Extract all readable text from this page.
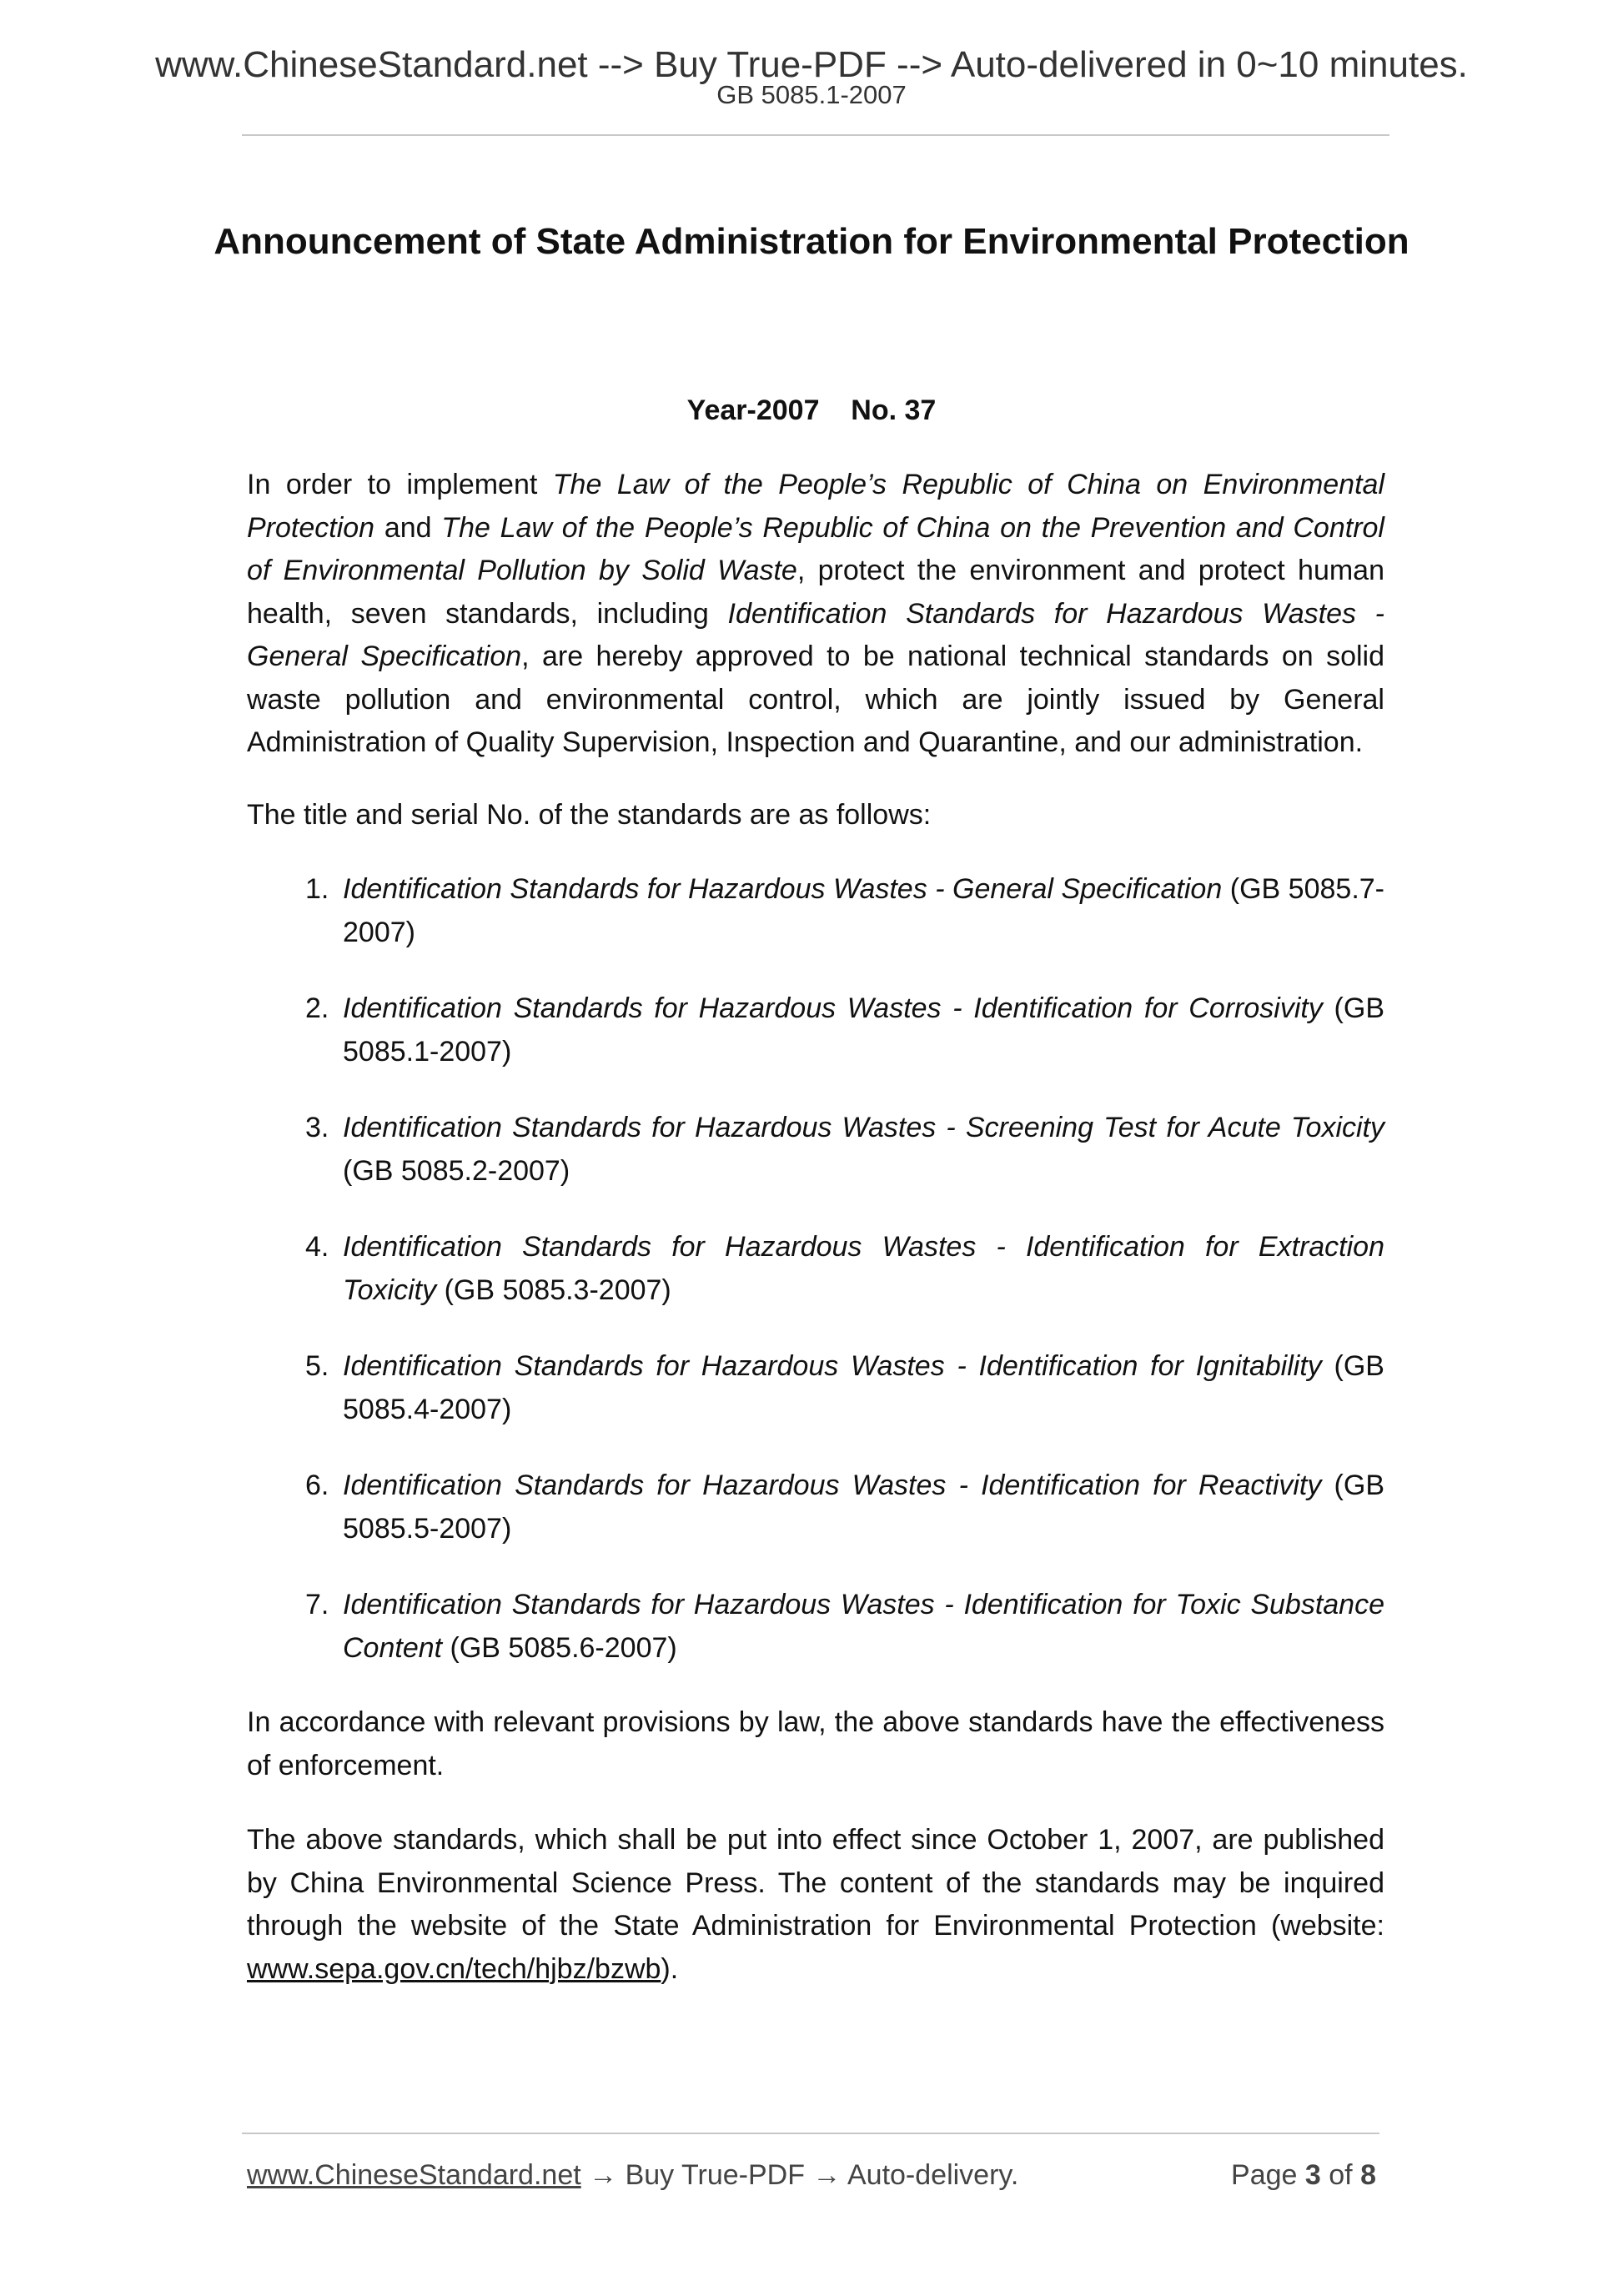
www.ChineseStandard.net --> Buy True-PDF --> Auto-delivered in 0~10 minutes.
GB 5085.1-2007
Announcement of State Administration for Environmental Protection
Year-2007 No. 37

In order to implement The Law of the People’s Republic of China on Environmental Protection and The Law of the People’s Republic of China on the Prevention and Control of Environmental Pollution by Solid Waste, protect the environment and protect human health, seven standards, including Identification Standards for Hazardous Wastes - General Specification, are hereby approved to be national technical standards on solid waste pollution and environmental control, which are jointly issued by General Administration of Quality Supervision, Inspection and Quarantine, and our administration.

The title and serial No. of the standards are as follows:

1. Identification Standards for Hazardous Wastes - General Specification (GB 5085.7-2007)
2. Identification Standards for Hazardous Wastes - Identification for Corrosivity (GB 5085.1-2007)
3. Identification Standards for Hazardous Wastes - Screening Test for Acute Toxicity (GB 5085.2-2007)
4. Identification Standards for Hazardous Wastes - Identification for Extraction Toxicity (GB 5085.3-2007)
5. Identification Standards for Hazardous Wastes - Identification for Ignitability (GB 5085.4-2007)
6. Identification Standards for Hazardous Wastes - Identification for Reactivity (GB 5085.5-2007)
7. Identification Standards for Hazardous Wastes - Identification for Toxic Substance Content (GB 5085.6-2007)

In accordance with relevant provisions by law, the above standards have the effectiveness of enforcement.

The above standards, which shall be put into effect since October 1, 2007, are published by China Environmental Science Press. The content of the standards may be inquired through the website of the State Administration for Environmental Protection (website: www.sepa.gov.cn/tech/hjbz/bzwb).

www.ChineseStandard.net → Buy True-PDF → Auto-delivery.	Page 3 of 8
